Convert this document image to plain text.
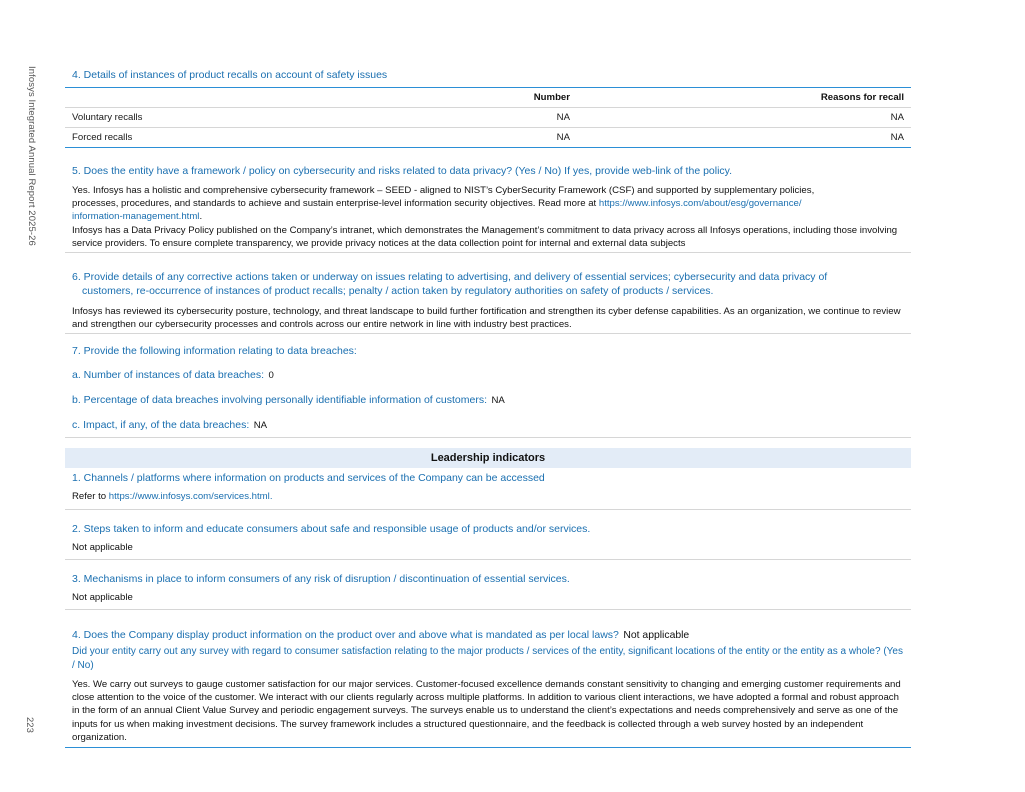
Infosys Integrated Annual Report 2025-26
223
4. Details of instances of product recalls on account of safety issues
	Number	Reasons for recall
Voluntary recalls	NA	NA
Forced recalls	NA	NA
5. Does the entity have a framework / policy on cybersecurity and risks related to data privacy? (Yes / No) If yes, provide web-link of the policy.
Yes. Infosys has a holistic and comprehensive cybersecurity framework – SEED - aligned to NIST’s CyberSecurity Framework (CSF) and supported by supplementary policies,
processes, procedures, and standards to achieve and sustain enterprise-level information security objectives. Read more at https://www.infosys.com/about/esg/governance/
information-management.html.
Infosys has a Data Privacy Policy published on the Company’s intranet, which demonstrates the Management’s commitment to data privacy across all Infosys operations, including those involving service providers. To ensure complete transparency, we provide privacy notices at the data collection point for internal and external data subjects
6. Provide details of any corrective actions taken or underway on issues relating to advertising, and delivery of essential services; cybersecurity and data privacy of
customers, re-occurrence of instances of product recalls; penalty / action taken by regulatory authorities on safety of products / services.
Infosys has reviewed its cybersecurity posture, technology, and threat landscape to build further fortification and strengthen its cyber defense capabilities. As an organization, we continue to review and strengthen our cybersecurity processes and controls across our entire network in line with industry best practices.
7. Provide the following information relating to data breaches:
a. Number of instances of data breaches: 0
b. Percentage of data breaches involving personally identifiable information of customers: NA
c. Impact, if any, of the data breaches: NA
Leadership indicators
1. Channels / platforms where information on products and services of the Company can be accessed
Refer to https://www.infosys.com/services.html.
2. Steps taken to inform and educate consumers about safe and responsible usage of products and/or services.
Not applicable
3. Mechanisms in place to inform consumers of any risk of disruption / discontinuation of essential services.
Not applicable
4. Does the Company display product information on the product over and above what is mandated as per local laws? Not applicable
Did your entity carry out any survey with regard to consumer satisfaction relating to the major products / services of the entity, significant locations of the entity or the entity as a whole? (Yes / No)
Yes. We carry out surveys to gauge customer satisfaction for our major services. Customer-focused excellence demands constant sensitivity to changing and emerging customer requirements and close attention to the voice of the customer. We interact with our clients regularly across multiple platforms. In addition to various client interactions, we have adopted a formal and robust approach in the form of an annual Client Value Survey and periodic engagement surveys. The surveys enable us to understand the client’s expectations and needs comprehensively and serve as one of the inputs for us when making investment decisions. The survey framework includes a structured questionnaire, and the feedback is collected through a web survey hosted by an independent organization.
